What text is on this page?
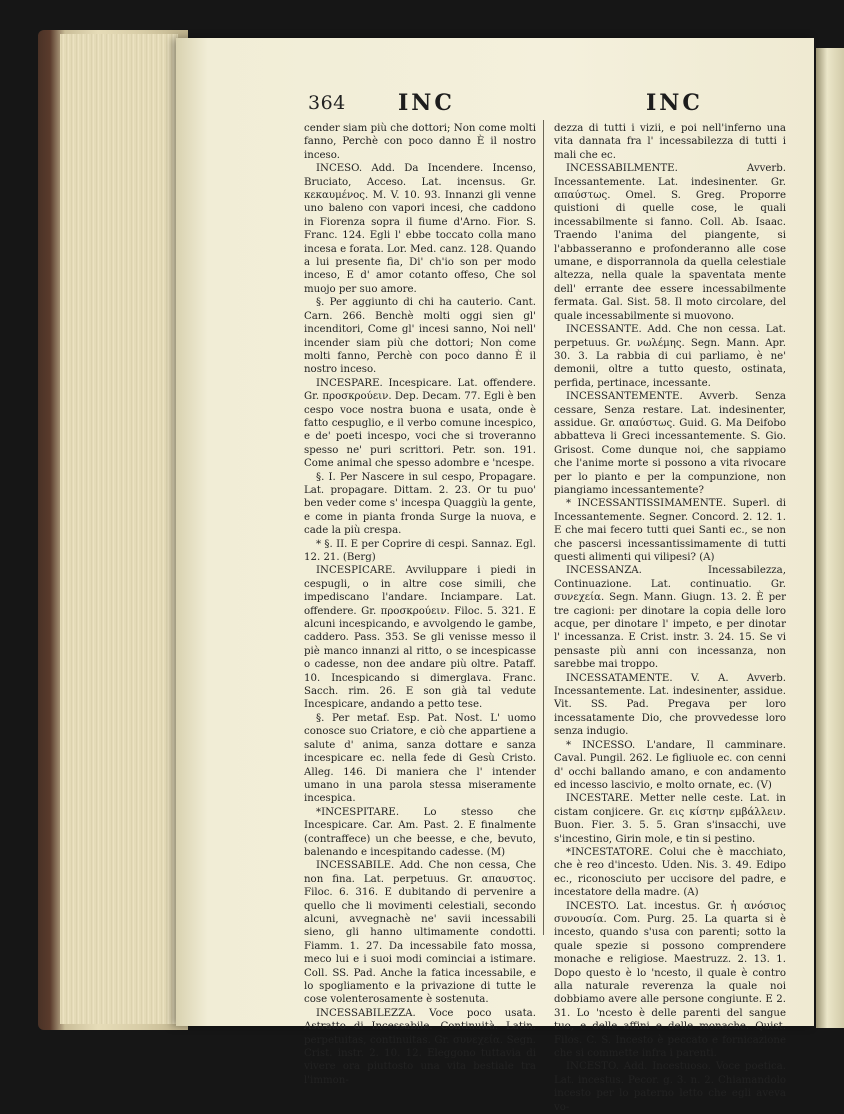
364 INC	INC

cender siam più che dottori; Non come molti fanno, Perchè con poco danno È il nostro inceso.

INCESO. Add. Da Incendere. Incenso, Bruciato, Acceso. Lat. incensus. Gr. κεκαυμένος. M. V. 10. 93. Innanzi gli venne uno baleno con vapori incesi, che caddono in Fiorenza sopra il fiume d'Arno. Fior. S. Franc. 124. Egli l' ebbe toccato colla mano incesa e forata. Lor. Med. canz. 128. Quando a lui presente fia, Di' ch'io son per modo inceso, E d' amor cotanto offeso, Che sol muojo per suo amore.

§. Per aggiunto di chi ha cauterio. Cant. Carn. 266. Benchè molti oggi sien gl' incenditori, Come gl' incesi sanno, Noi nell' incender siam più che dottori; Non come molti fanno, Perchè con poco danno È il nostro inceso.

INCESPARE. Incespicare. Lat. offendere. Gr. προσκρούειν. Dep. Decam. 77. Egli è ben cespo voce nostra buona e usata, onde è fatto cespuglio, e il verbo comune incespico, e de' poeti incespo, voci che si troveranno spesso ne' puri scrittori. Petr. son. 191. Come animal che spesso adombre e 'ncespe.

§. I. Per Nascere in sul cespo, Propagare. Lat. propagare. Dittam. 2. 23. Or tu puo' ben veder come s' incespa Quaggiù la gente, e come in pianta fronda Surge la nuova, e cade la più crespa.

* §. II. E per Coprire di cespi. Sannaz. Egl. 12. 21. (Berg)

INCESPICARE. Avvilupparе i piedi in cespugli, o in altre cose simili, che impediscano l'andare. Inciampare. Lat. offendere. Gr. προσκρούειν. Filoc. 5. 321. E alcuni incespicando, e avvolgendo le gambe, caddero. Pass. 353. Se gli venisse messo il piè manco innanzi al ritto, o se incespicasse o cadesse, non dee andare più oltre. Pataff. 10. Incespicando si dimerglava. Franc. Sacch. rim. 26. E son già tal vedute Incespicare, andando a petto tese.

§. Per metaf. Esp. Pat. Nost. L' uomo conosce suo Criatore, e ciò che appartiene a salute d' anima, sanza dottare e sanza incespicare ec. nella fede di Gesù Cristo. Alleg. 146. Di maniera che l' intender umano in una parola stessa miseramente incespica.

*INCESPITARE. Lo stesso che Incespicare. Car. Am. Past. 2. E finalmente (contraffece) un che beesse, e che, bevuto, balenando e incespitando cadesse. (M)

INCESSABILE. Add. Che non cessa, Che non fina. Lat. perpetuus. Gr. απαυστος. Filoc. 6. 316. E dubitando di pervenire a quello che li movimenti celestiali, secondo alcuni, avvegnachè ne' savii incessabili sieno, gli hanno ultimamente condotti. Fiamm. 1. 27. Da incessabile fato mossa, meco lui e i suoi modi cominciai a istimare. Coll. SS. Pad. Anche la fatica incessabile, e lo spogliamento e la privazione di tutte le cose volenterosamente è sostenuta.

INCESSABILEZZA. Voce poco usata. Astratto di Incessabile. Continuità. Latin. perpetuitas, continuitas. Gr. συνεχεία. Segn. Crist. instr. 2. 10. 12. Eleggono tuttavia di vivere ora piuttosto una vita bestiale tra l'immon-

dezza di tutti i vizii, e poi nell'inferno una vita dannata fra l' incessabilezza di tutti i mali che ec.

INCESSABILMENTE. Avverb. Incessantemente. Lat. indesinenter. Gr. απαύστως. Omel. S. Greg. Proporre quistioni di quelle cose, le quali incessabilmente si fanno. Coll. Ab. Isaac. Traendo l'anima del piangente, si l'abbasseranno e profonderanno alle cose umane, e disporrannola da quella celestiale altezza, nella quale la spaventata mente dell' errante dee essere incessabilmente fermata. Gal. Sist. 58. Il moto circolare, del quale incessabilmente si muovono.

INCESSANTE. Add. Che non cessa. Lat. perpetuus. Gr. νωλέμης. Segn. Mann. Apr. 30. 3. La rabbia di cui parliamo, è ne' demonii, oltre a tutto questo, ostinata, perfida, pertinace, incessante.

INCESSANTEMENTE. Avverb. Senza cessare, Senza restare. Lat. indesinenter, assidue. Gr. απαύστως. Guid. G. Ma Deifobo abbatteva li Greci incessantemente. S. Gio. Grisost. Come dunque noi, che sappiamo che l'anime morte si possono a vita rivocare per lo pianto e per la compunzione, non piangiamo incessantemente?

* INCESSANTISSIMAMENTE. Superl. di Incessantemente. Segner. Concord. 2. 12. 1. E che mai fecero tutti quei Santi ec., se non che pascersi incessantissimamente di tutti questi alimenti qui vilipesi? (A)

INCESSANZA. Incessabilezza, Continuazione. Lat. continuatio. Gr. συνεχεία. Segn. Mann. Giugn. 13. 2. È per tre cagioni: per dinotare la copia delle loro acque, per dinotare l' impeto, e per dinotar l' incessanza. E Crist. instr. 3. 24. 15. Se vi pensaste più anni con incessanza, non sarebbe mai troppo.

INCESSATAMENTE. V. A. Avverb. Incessantemente. Lat. indesinenter, assidue. Vit. SS. Pad. Pregava per loro incessatamente Dio, che provvedesse loro senza indugio.

* INCESSO. L'andare, Il camminare. Caval. Pungil. 262. Le figliuole ec. con cenni d' occhi ballando amano, e con andamento ed incesso lascivio, e molto ornate, ec. (V)

INCESTARE. Metter nelle ceste. Lat. in cistam conjicere. Gr. εις κίστην εμβάλλειν. Buon. Fier. 3. 5. 5. Gran s'insacchi, uve s'incestino, Girin mole, e tin si pestino.

*INCESTATORE. Colui che è macchiato, che è reo d'incesto. Uden. Nis. 3. 49. Edipo ec., riconosciuto per uccisore del padre, e incestatore della madre. (A)

INCESTO. Lat. incestus. Gr. ἡ ανόσιος συνουσία. Com. Purg. 25. La quarta si è incesto, quando s'usa con parenti; sotto la quale spezie si possono comprendere monache e religiose. Maestruzz. 2. 13. 1. Dopo questo è lo 'ncesto, il quale è contro alla naturale reverenza la quale noi dobbiamo avere alle persone congiunte. E 2. 31. Lo 'ncesto è delle parenti del sangue tuo, e delle affini e delle monache. Quist. Filos. C. S. Incesto è peccato e fornicazione che si commette infra i parenti.

INCESTO. Add. Incestuoso. Voce poetica. Lat. incestus. Pecor. g. 3. n. 2. Chiamandolo incesto per lo paterno letto che egli aveva vo-
